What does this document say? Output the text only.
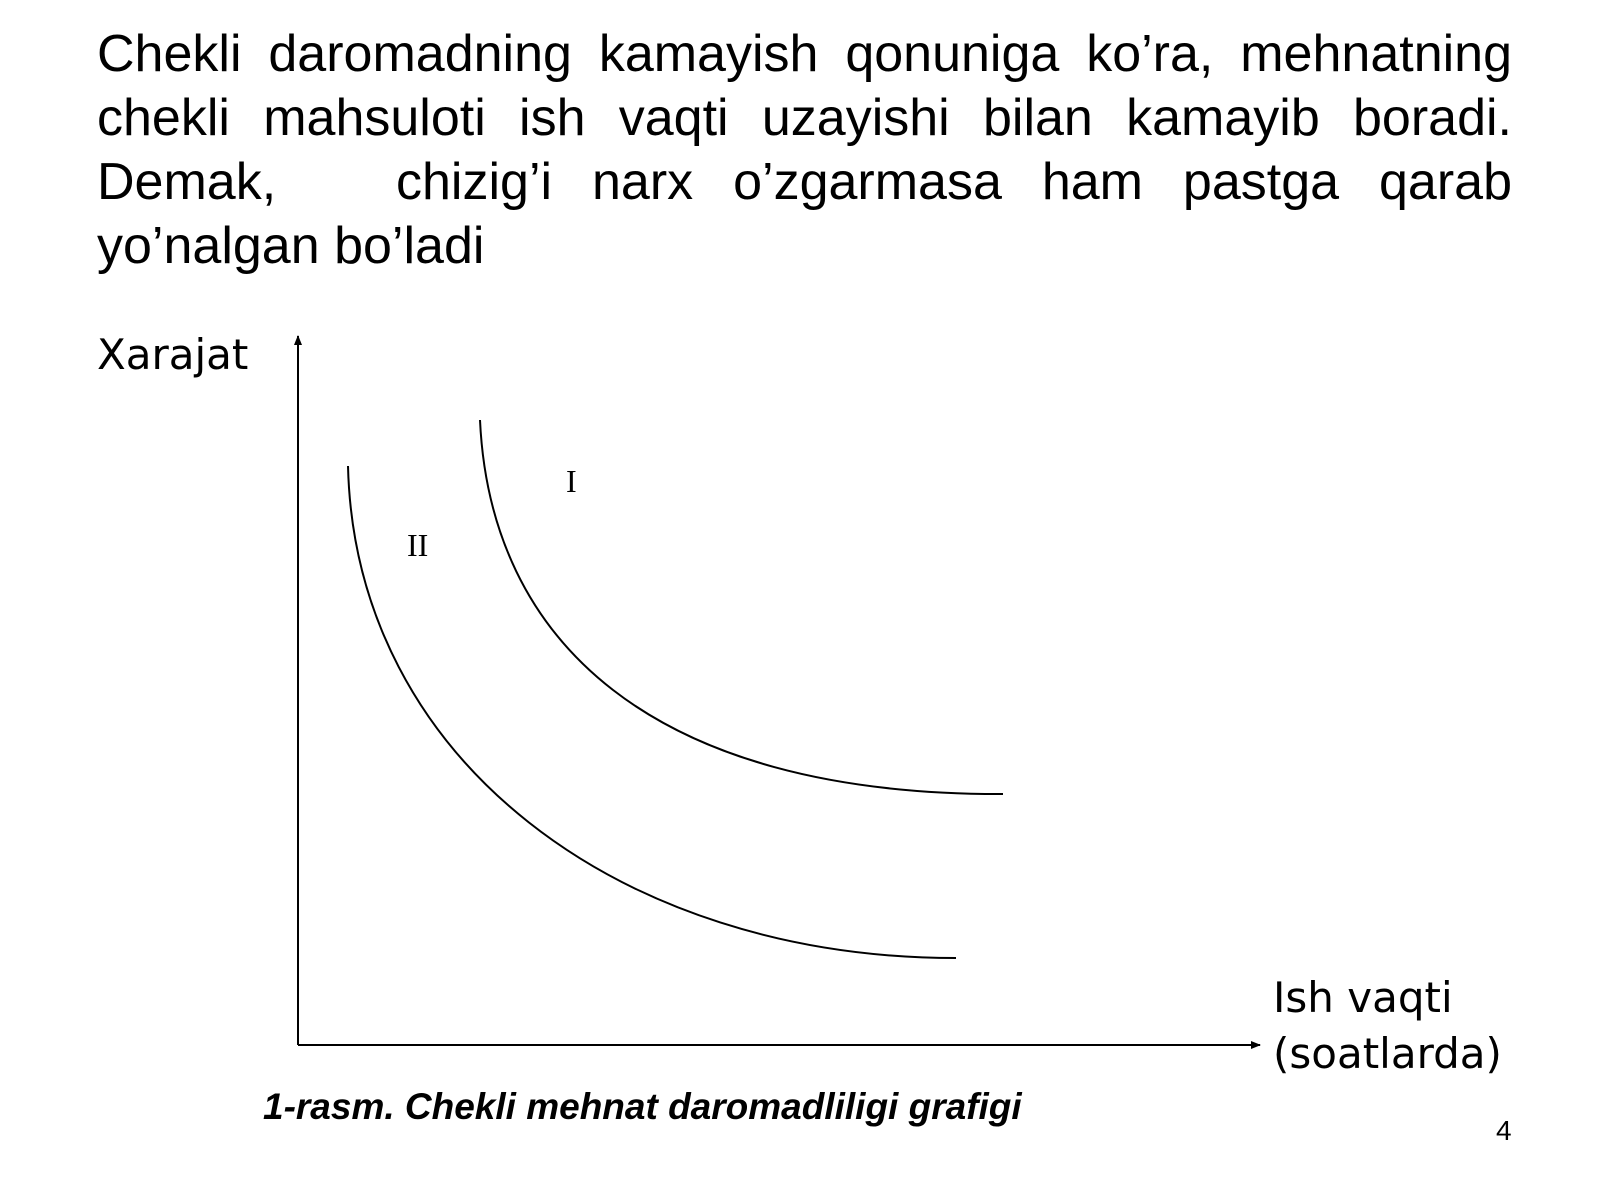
Chekli daromadning kamayish qonuniga ko’ra, mehnatning chekli mahsuloti ish vaqti uzayishi bilan kamayib boradi. Demak,   chizig’i narx o’zgarmasa ham pastga qarab yo’nalgan bo’ladi

Xarajat
I
II
Ish vaqti
(soatlarda)
1-rasm. Chekli mehnat daromadliligi grafigi
4
